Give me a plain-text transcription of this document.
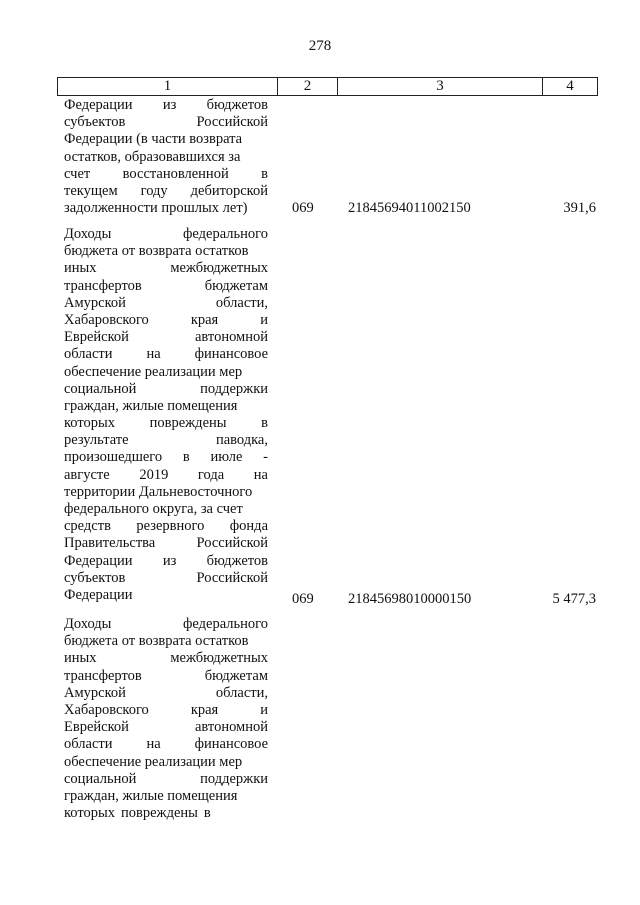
278
1	2	3	4
Федерации из бюджетов
субъектов	Российской
Федерации (в части возврата
остатков, образовавшихся за
счет восстановленной в
текущем году дебиторской
задолженности прошлых лет)	069 21845694011002150	391,6
Доходы	федерального
бюджета от возврата остатков
иных	межбюджетных
трансфертов	бюджетам
Амурской	области,
Хабаровского	края	и
Еврейской	автономной
области на финансовое
обеспечение реализации мер
социальной	поддержки
граждан, жилые помещения
которых повреждены в
результате	паводка,
произошедшего в июле -
августе 2019 года на
территории Дальневосточного
федерального округа, за счет
средств резервного фонда
Правительства	Российской
Федерации из бюджетов
субъектов	Российской
Федерации	069 21845698010000150	5 477,3
Доходы	федерального
бюджета от возврата остатков
иных	межбюджетных
трансфертов	бюджетам
Амурской	области,
Хабаровского	края	и
Еврейской	автономной
области на финансовое
обеспечение реализации мер
социальной	поддержки
граждан, жилые помещения
которых повреждены в
